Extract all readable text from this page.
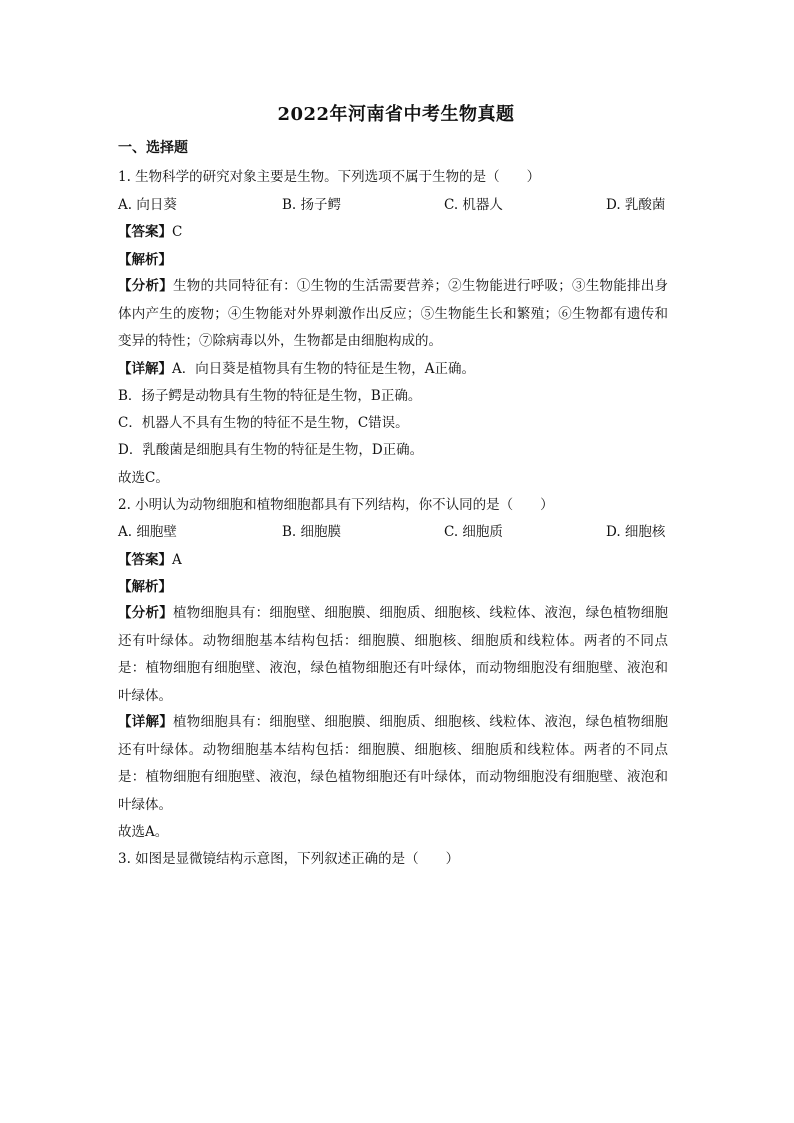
2022年河南省中考生物真题
一、选择题
1. 生物科学的研究对象主要是生物。下列选项不属于生物的是（　　）
A. 向日葵	B. 扬子鳄	C. 机器人	D. 乳酸菌
【答案】C
【解析】
【分析】生物的共同特征有：①生物的生活需要营养；②生物能进行呼吸；③生物能排出身体内产生的废物；④生物能对外界刺激作出反应；⑤生物能生长和繁殖；⑥生物都有遗传和变异的特性；⑦除病毒以外，生物都是由细胞构成的。
【详解】A．向日葵是植物具有生物的特征是生物，A正确。
B．扬子鳄是动物具有生物的特征是生物，B正确。
C．机器人不具有生物的特征不是生物，C错误。
D．乳酸菌是细胞具有生物的特征是生物，D正确。
故选C。
2. 小明认为动物细胞和植物细胞都具有下列结构，你不认同的是（　　）
A. 细胞壁	B. 细胞膜	C. 细胞质	D. 细胞核
【答案】A
【解析】
【分析】植物细胞具有：细胞壁、细胞膜、细胞质、细胞核、线粒体、液泡，绿色植物细胞还有叶绿体。动物细胞基本结构包括：细胞膜、细胞核、细胞质和线粒体。两者的不同点是：植物细胞有细胞壁、液泡，绿色植物细胞还有叶绿体，而动物细胞没有细胞壁、液泡和叶绿体。
【详解】植物细胞具有：细胞壁、细胞膜、细胞质、细胞核、线粒体、液泡，绿色植物细胞还有叶绿体。动物细胞基本结构包括：细胞膜、细胞核、细胞质和线粒体。两者的不同点是：植物细胞有细胞壁、液泡，绿色植物细胞还有叶绿体，而动物细胞没有细胞壁、液泡和叶绿体。
故选A。
3. 如图是显微镜结构示意图，下列叙述正确的是（　　）
